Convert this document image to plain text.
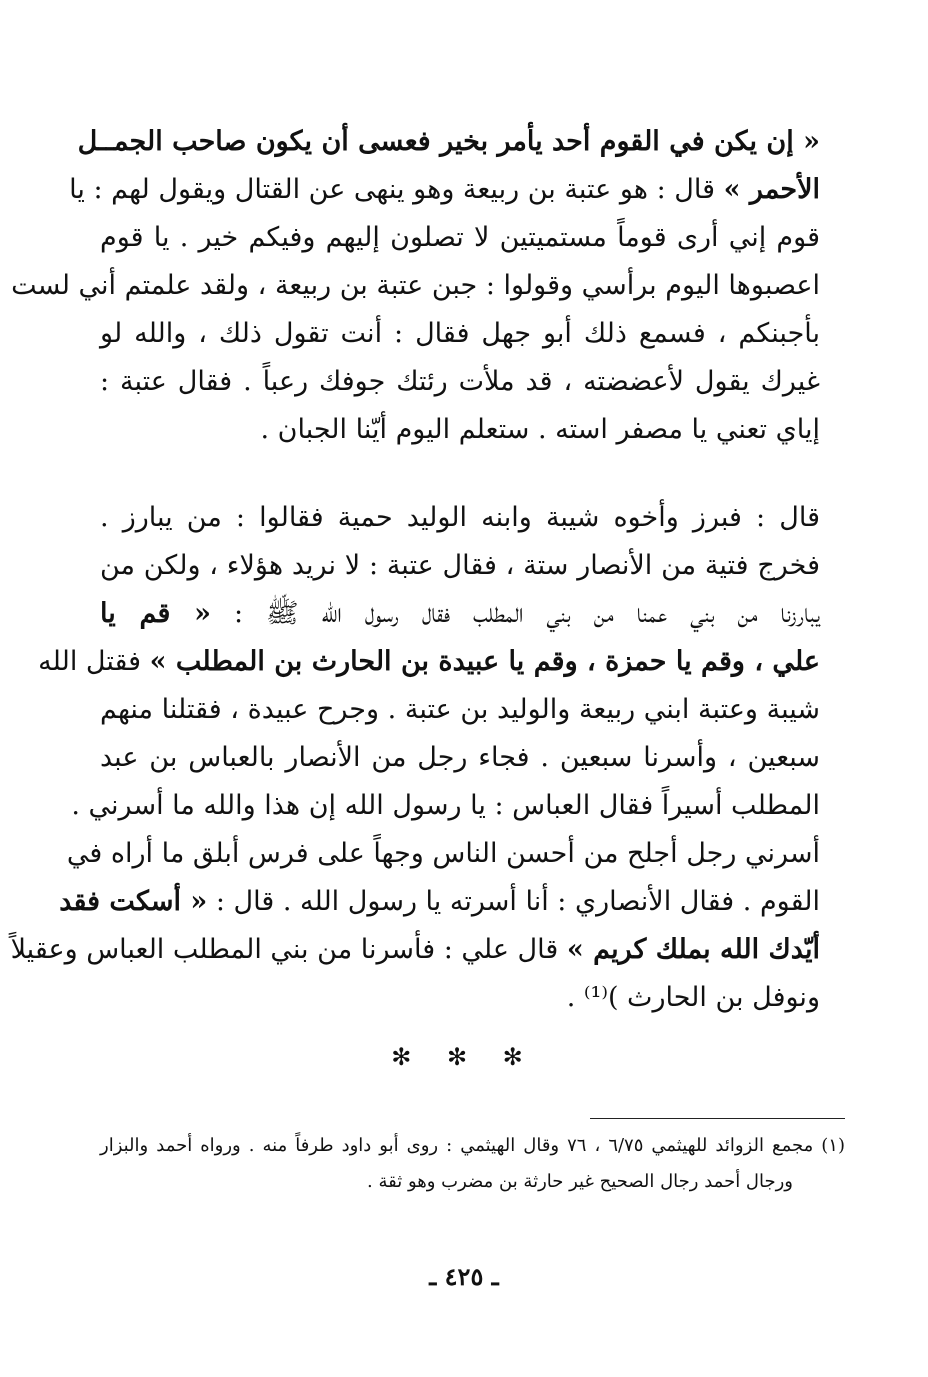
« إن يكن في القوم أحد يأمر بخير فعسى أن يكون صاحب الجمــل
الأحمر » قال : هو عتبة بن ربيعة وهو ينهى عن القتال ويقول لهم : يا
قوم إني أرى قوماً مستميتين لا تصلون إليهم وفيكم خير . يا قوم
اعصبوها اليوم برأسي وقولوا : جبن عتبة بن ربيعة ، ولقد علمتم أني لست
بأجبنكم ، فسمع ذلك أبو جهل فقال : أنت تقول ذلك ، والله لو
غيرك يقول لأعضضته ، قد ملأت رئتك جوفك رعباً . فقال عتبة :
إياي تعني يا مصفر استه . ستعلم اليوم أيّنا الجبان .
قال : فبرز وأخوه شيبة وابنه الوليد حمية فقالوا : من يبارز .
فخرج فتية من الأنصار ستة ، فقال عتبة : لا نريد هؤلاء ، ولكن من
يبارزنا من بني عمنا من بني المطلب فقال رسول الله ﷺ : « قم يا
علي ، وقم يا حمزة ، وقم يا عبيدة بن الحارث بن المطلب » فقتل الله
شيبة وعتبة ابني ربيعة والوليد بن عتبة . وجرح عبيدة ، فقتلنا منهم
سبعين ، وأسرنا سبعين . فجاء رجل من الأنصار بالعباس بن عبد
المطلب أسيراً فقال العباس : يا رسول الله إن هذا والله ما أسرني .
أسرني رجل أجلح من أحسن الناس وجهاً على فرس أبلق ما أراه في
القوم . فقال الأنصاري : أنا أسرته يا رسول الله . قال : « أسكت فقد
أيّدك الله بملك كريم » قال علي : فأسرنا من بني المطلب العباس وعقيلاً
ونوفل بن الحارث )⁽¹⁾ .
✻ ✻ ✻
(١) مجمع الزوائد للهيثمي ٦/٧٥ ، ٧٦ وقال الهيثمي : روى أبو داود طرفاً منه . ورواه أحمد والبزار
ورجال أحمد رجال الصحيح غير حارثة بن مضرب وهو ثقة .
ـ ٤٢٥ ـ
